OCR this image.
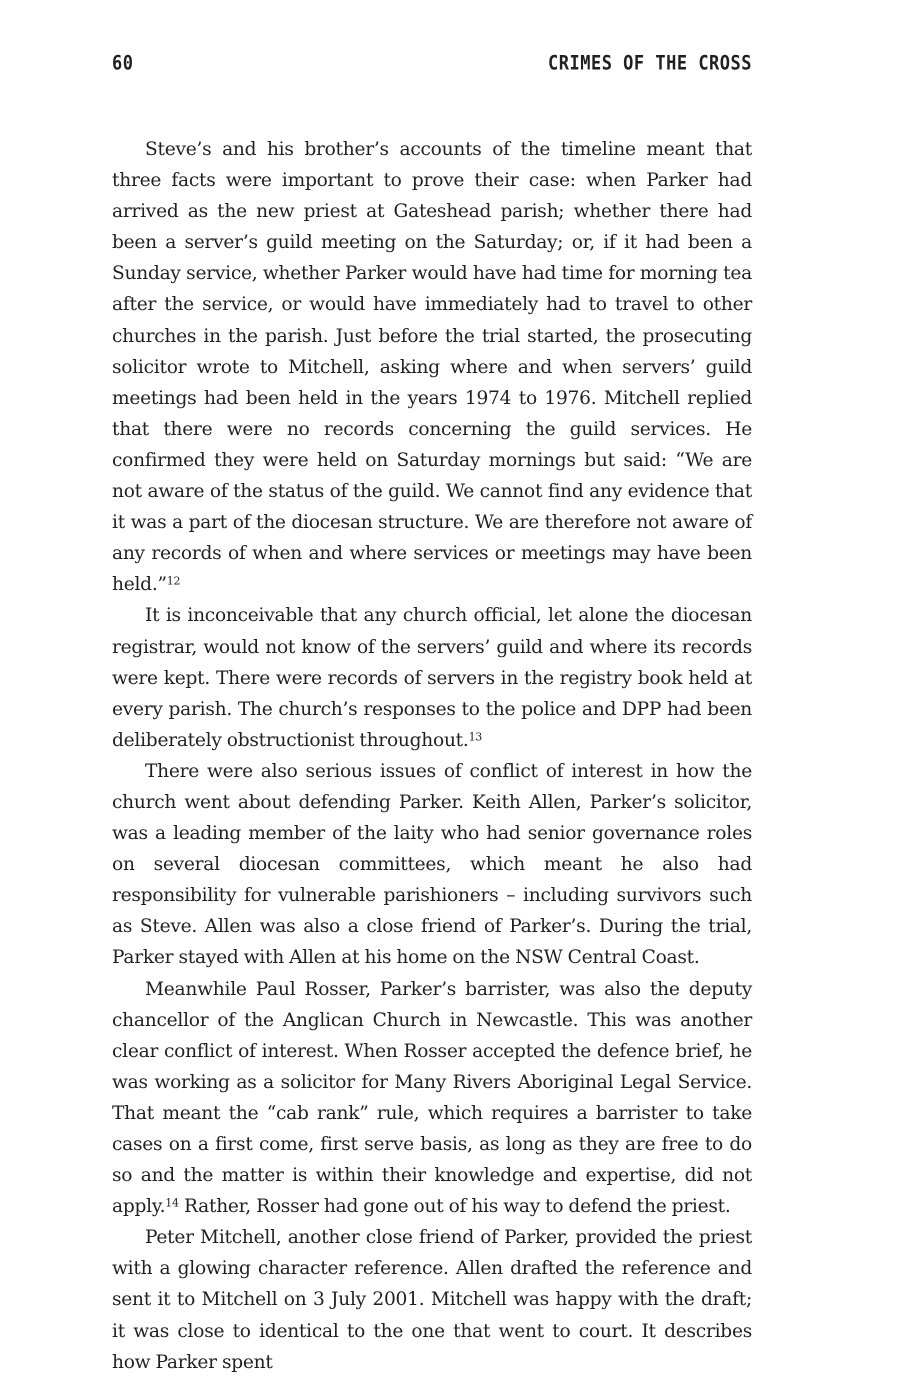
60	CRIMES OF THE CROSS

Steve’s and his brother’s accounts of the timeline meant that three facts were important to prove their case: when Parker had arrived as the new priest at Gateshead parish; whether there had been a server’s guild meeting on the Saturday; or, if it had been a Sunday service, whether Parker would have had time for morning tea after the service, or would have immediately had to travel to other churches in the parish. Just before the trial started, the prosecuting solicitor wrote to Mitchell, asking where and when servers’ guild meetings had been held in the years 1974 to 1976. Mitchell replied that there were no records concerning the guild services. He confirmed they were held on Saturday mornings but said: “We are not aware of the status of the guild. We cannot find any evidence that it was a part of the diocesan structure. We are therefore not aware of any records of when and where services or meetings may have been held.”$^{12}$

It is inconceivable that any church official, let alone the diocesan registrar, would not know of the servers’ guild and where its records were kept. There were records of servers in the registry book held at every parish. The church’s responses to the police and DPP had been deliberately obstructionist throughout.$^{13}$

There were also serious issues of conflict of interest in how the church went about defending Parker. Keith Allen, Parker’s solicitor, was a leading member of the laity who had senior governance roles on several diocesan committees, which meant he also had responsibility for vulnerable parishioners – including survivors such as Steve. Allen was also a close friend of Parker’s. During the trial, Parker stayed with Allen at his home on the NSW Central Coast.

Meanwhile Paul Rosser, Parker’s barrister, was also the deputy chancellor of the Anglican Church in Newcastle. This was another clear conflict of interest. When Rosser accepted the defence brief, he was working as a solicitor for Many Rivers Aboriginal Legal Service. That meant the “cab rank” rule, which requires a barrister to take cases on a first come, first serve basis, as long as they are free to do so and the matter is within their knowledge and expertise, did not apply.$^{14}$ Rather, Rosser had gone out of his way to defend the priest.

Peter Mitchell, another close friend of Parker, provided the priest with a glowing character reference. Allen drafted the reference and sent it to Mitchell on 3 July 2001. Mitchell was happy with the draft; it was close to identical to the one that went to court. It describes how Parker spent
